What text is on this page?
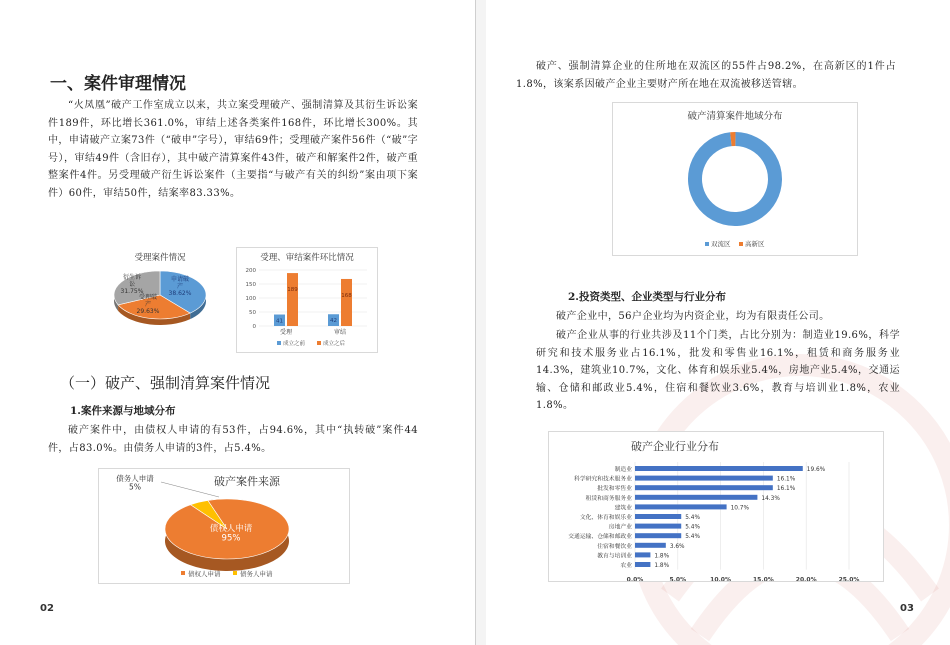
一、案件审理情况

“火凤凰”破产工作室成立以来，共立案受理破产、强制清算及其衍生诉讼案件189件，环比增长361.0%，审结上述各类案件168件，环比增长300%。其中，申请破产立案73件（“破申”字号），审结69件；受理破产案件56件（“破”字号），审结49件（含旧存），其中破产清算案件43件，破产和解案件2件，破产重整案件4件。另受理破产衍生诉讼案件（主要指“与破产有关的纠纷”案由项下案件）60件，审结50件，结案率83.33%。

受理案件情况
申请破
产
38.62%
受理破
产
29.63%
衍生诉
讼
31.75%
受理、审结案件环比情况
0
50
100
150
200
41
189
受理
42
168
审结
成立之前	成立之后
（一）破产、强制清算案件情况
1.案件来源与地域分布

破产案件中，由债权人申请的有53件，占94.6%，其中“执转破”案件44件，占83.0%。由债务人申请的3件，占5.4%。

破产案件来源
债权人申请
95%
债务人申请
5%
债权人申请	债务人申请
02

破产、强制清算企业的住所地在双流区的55件占98.2%，在高新区的1件占1.8%，该案系因破产企业主要财产所在地在双流被移送管辖。

破产清算案件地域分布
双流区 高新区
2.投资类型、企业类型与行业分布

破产企业中，56户企业均为内资企业，均为有限责任公司。

破产企业从事的行业共涉及11个门类，占比分别为：制造业19.6%，科学研究和技术服务业占16.1%，批发和零售业16.1%，租赁和商务服务业14.3%，建筑业10.7%，文化、体育和娱乐业5.4%，房地产业5.4%，交通运输、仓储和邮政业5.4%，住宿和餐饮业3.6%，教育与培训业1.8%，农业1.8%。

破产企业行业分布
0.0%	5.0%	10.0%	15.0%	20.0%	25.0%
制造业	19.6%
科学研究和技术服务业	16.1%
批发和零售业	16.1%
租赁和商务服务业	14.3%
建筑业	10.7%
文化、体育和娱乐业	5.4%
房地产业	5.4%
交通运输、仓储和邮政业	5.4%
住宿和餐饮业	3.6%
教育与培训业	1.8%
农业	1.8%
03
